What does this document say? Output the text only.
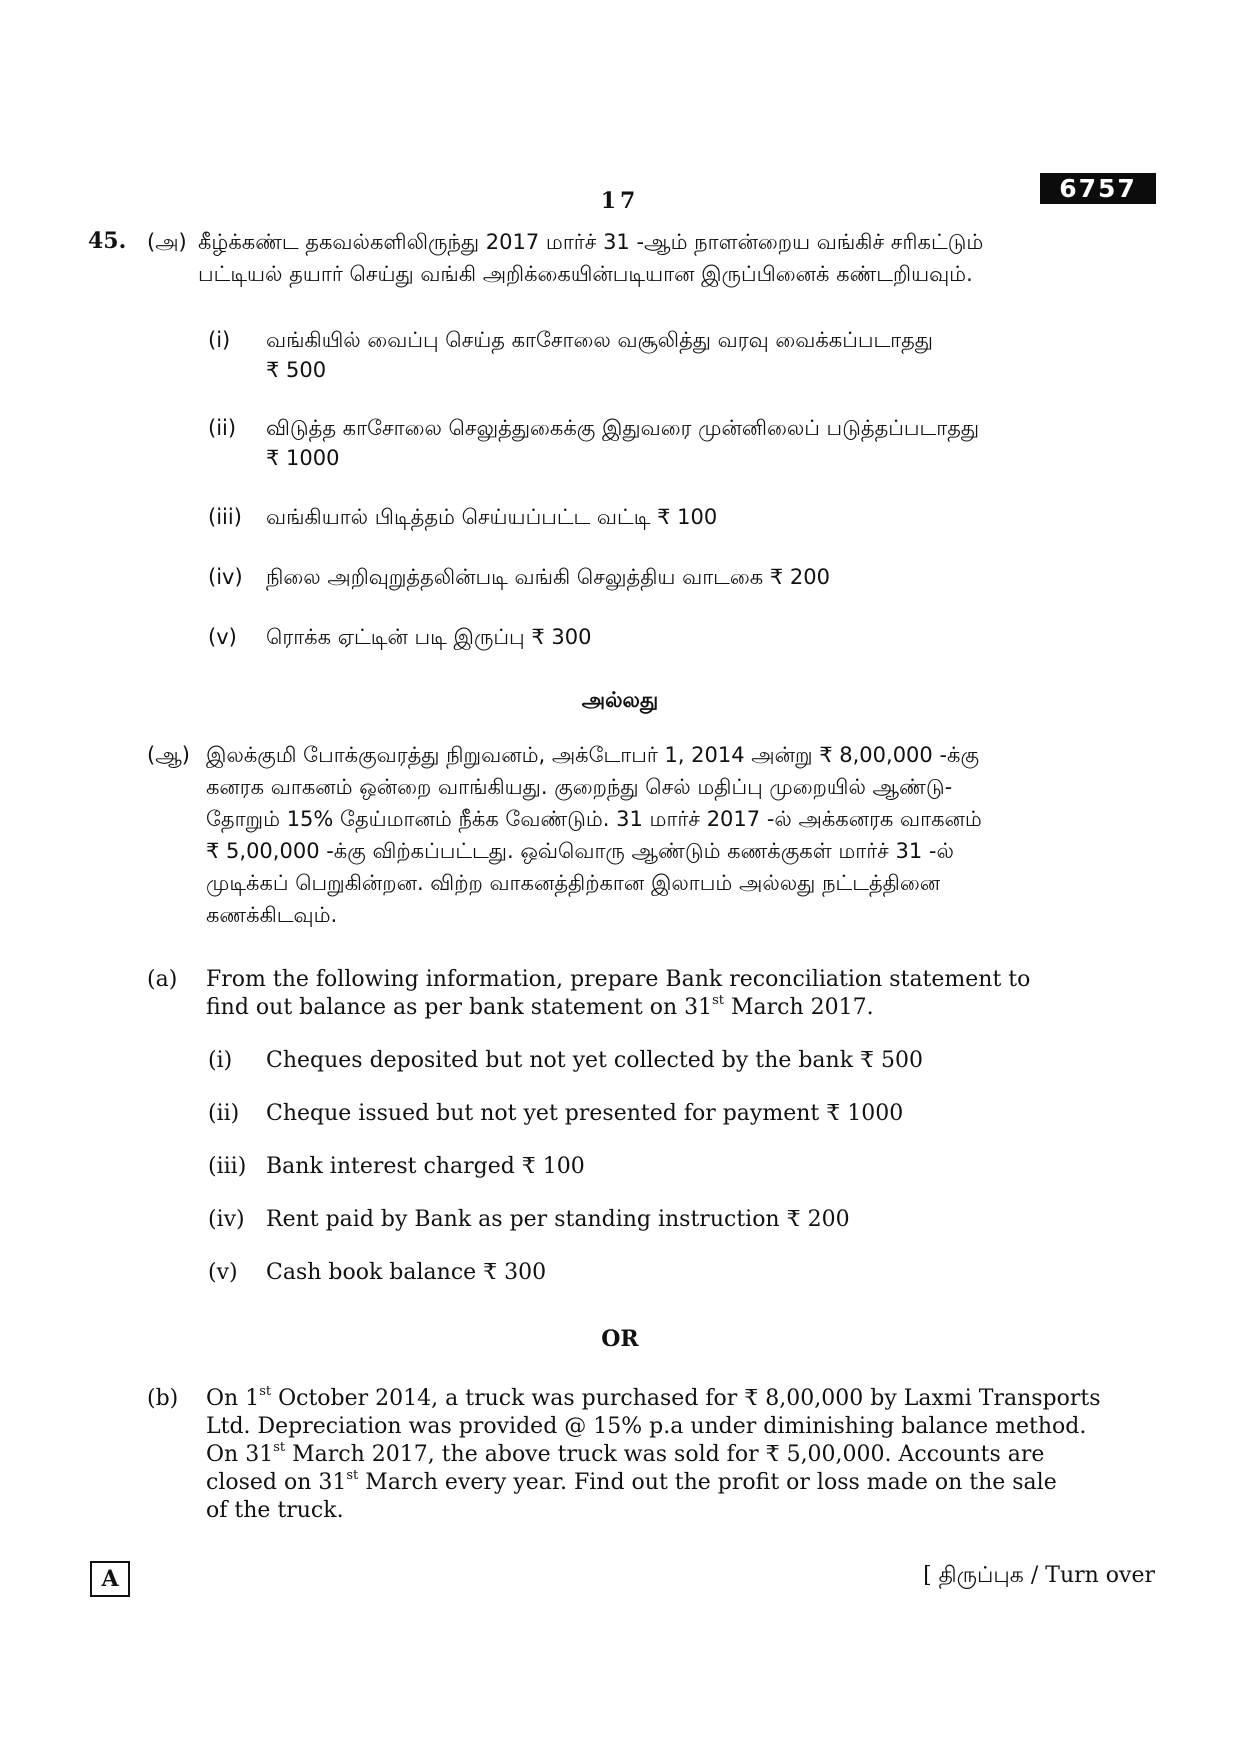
6757
17
45. (அ) கீழ்க்கண்ட தகவல்களிலிருந்து 2017 மார்ச் 31 -ஆம் நாளன்றைய வங்கிச் சரிகட்டும்
பட்டியல் தயார் செய்து வங்கி அறிக்கையின்படியான இருப்பினைக் கண்டறியவும்.
(i) வங்கியில் வைப்பு செய்த காசோலை வசூலித்து வரவு வைக்கப்படாதது
₹ 500
(ii) விடுத்த காசோலை செலுத்துகைக்கு இதுவரை முன்னிலைப் படுத்தப்படாதது
₹ 1000
(iii) வங்கியால் பிடித்தம் செய்யப்பட்ட வட்டி ₹ 100
(iv) நிலை அறிவுறுத்தலின்படி வங்கி செலுத்திய வாடகை ₹ 200
(v) ரொக்க ஏட்டின் படி இருப்பு ₹ 300
அல்லது
(ஆ) இலக்குமி போக்குவரத்து நிறுவனம், அக்டோபர் 1, 2014 அன்று ₹ 8,00,000 -க்கு
கனரக வாகனம் ஒன்றை வாங்கியது. குறைந்து செல் மதிப்பு முறையில் ஆண்டு-
தோறும் 15% தேய்மானம் நீக்க வேண்டும். 31 மார்ச் 2017 -ல் அக்கனரக வாகனம்
₹ 5,00,000 -க்கு விற்கப்பட்டது. ஒவ்வொரு ஆண்டும் கணக்குகள் மார்ச் 31 -ல்
முடிக்கப் பெறுகின்றன. விற்ற வாகனத்திற்கான இலாபம் அல்லது நட்டத்தினை
கணக்கிடவும்.
(a) From the following information, prepare Bank reconciliation statement to
find out balance as per bank statement on 31st March 2017.
(i) Cheques deposited but not yet collected by the bank ₹ 500
(ii) Cheque issued but not yet presented for payment ₹ 1000
(iii) Bank interest charged ₹ 100
(iv) Rent paid by Bank as per standing instruction ₹ 200
(v) Cash book balance ₹ 300
OR
(b) On 1st October 2014, a truck was purchased for ₹ 8,00,000 by Laxmi Transports
Ltd. Depreciation was provided @ 15% p.a under diminishing balance method.
On 31st March 2017, the above truck was sold for ₹ 5,00,000. Accounts are
closed on 31st March every year. Find out the profit or loss made on the sale
of the truck.
A	[ திருப்புக / Turn over
